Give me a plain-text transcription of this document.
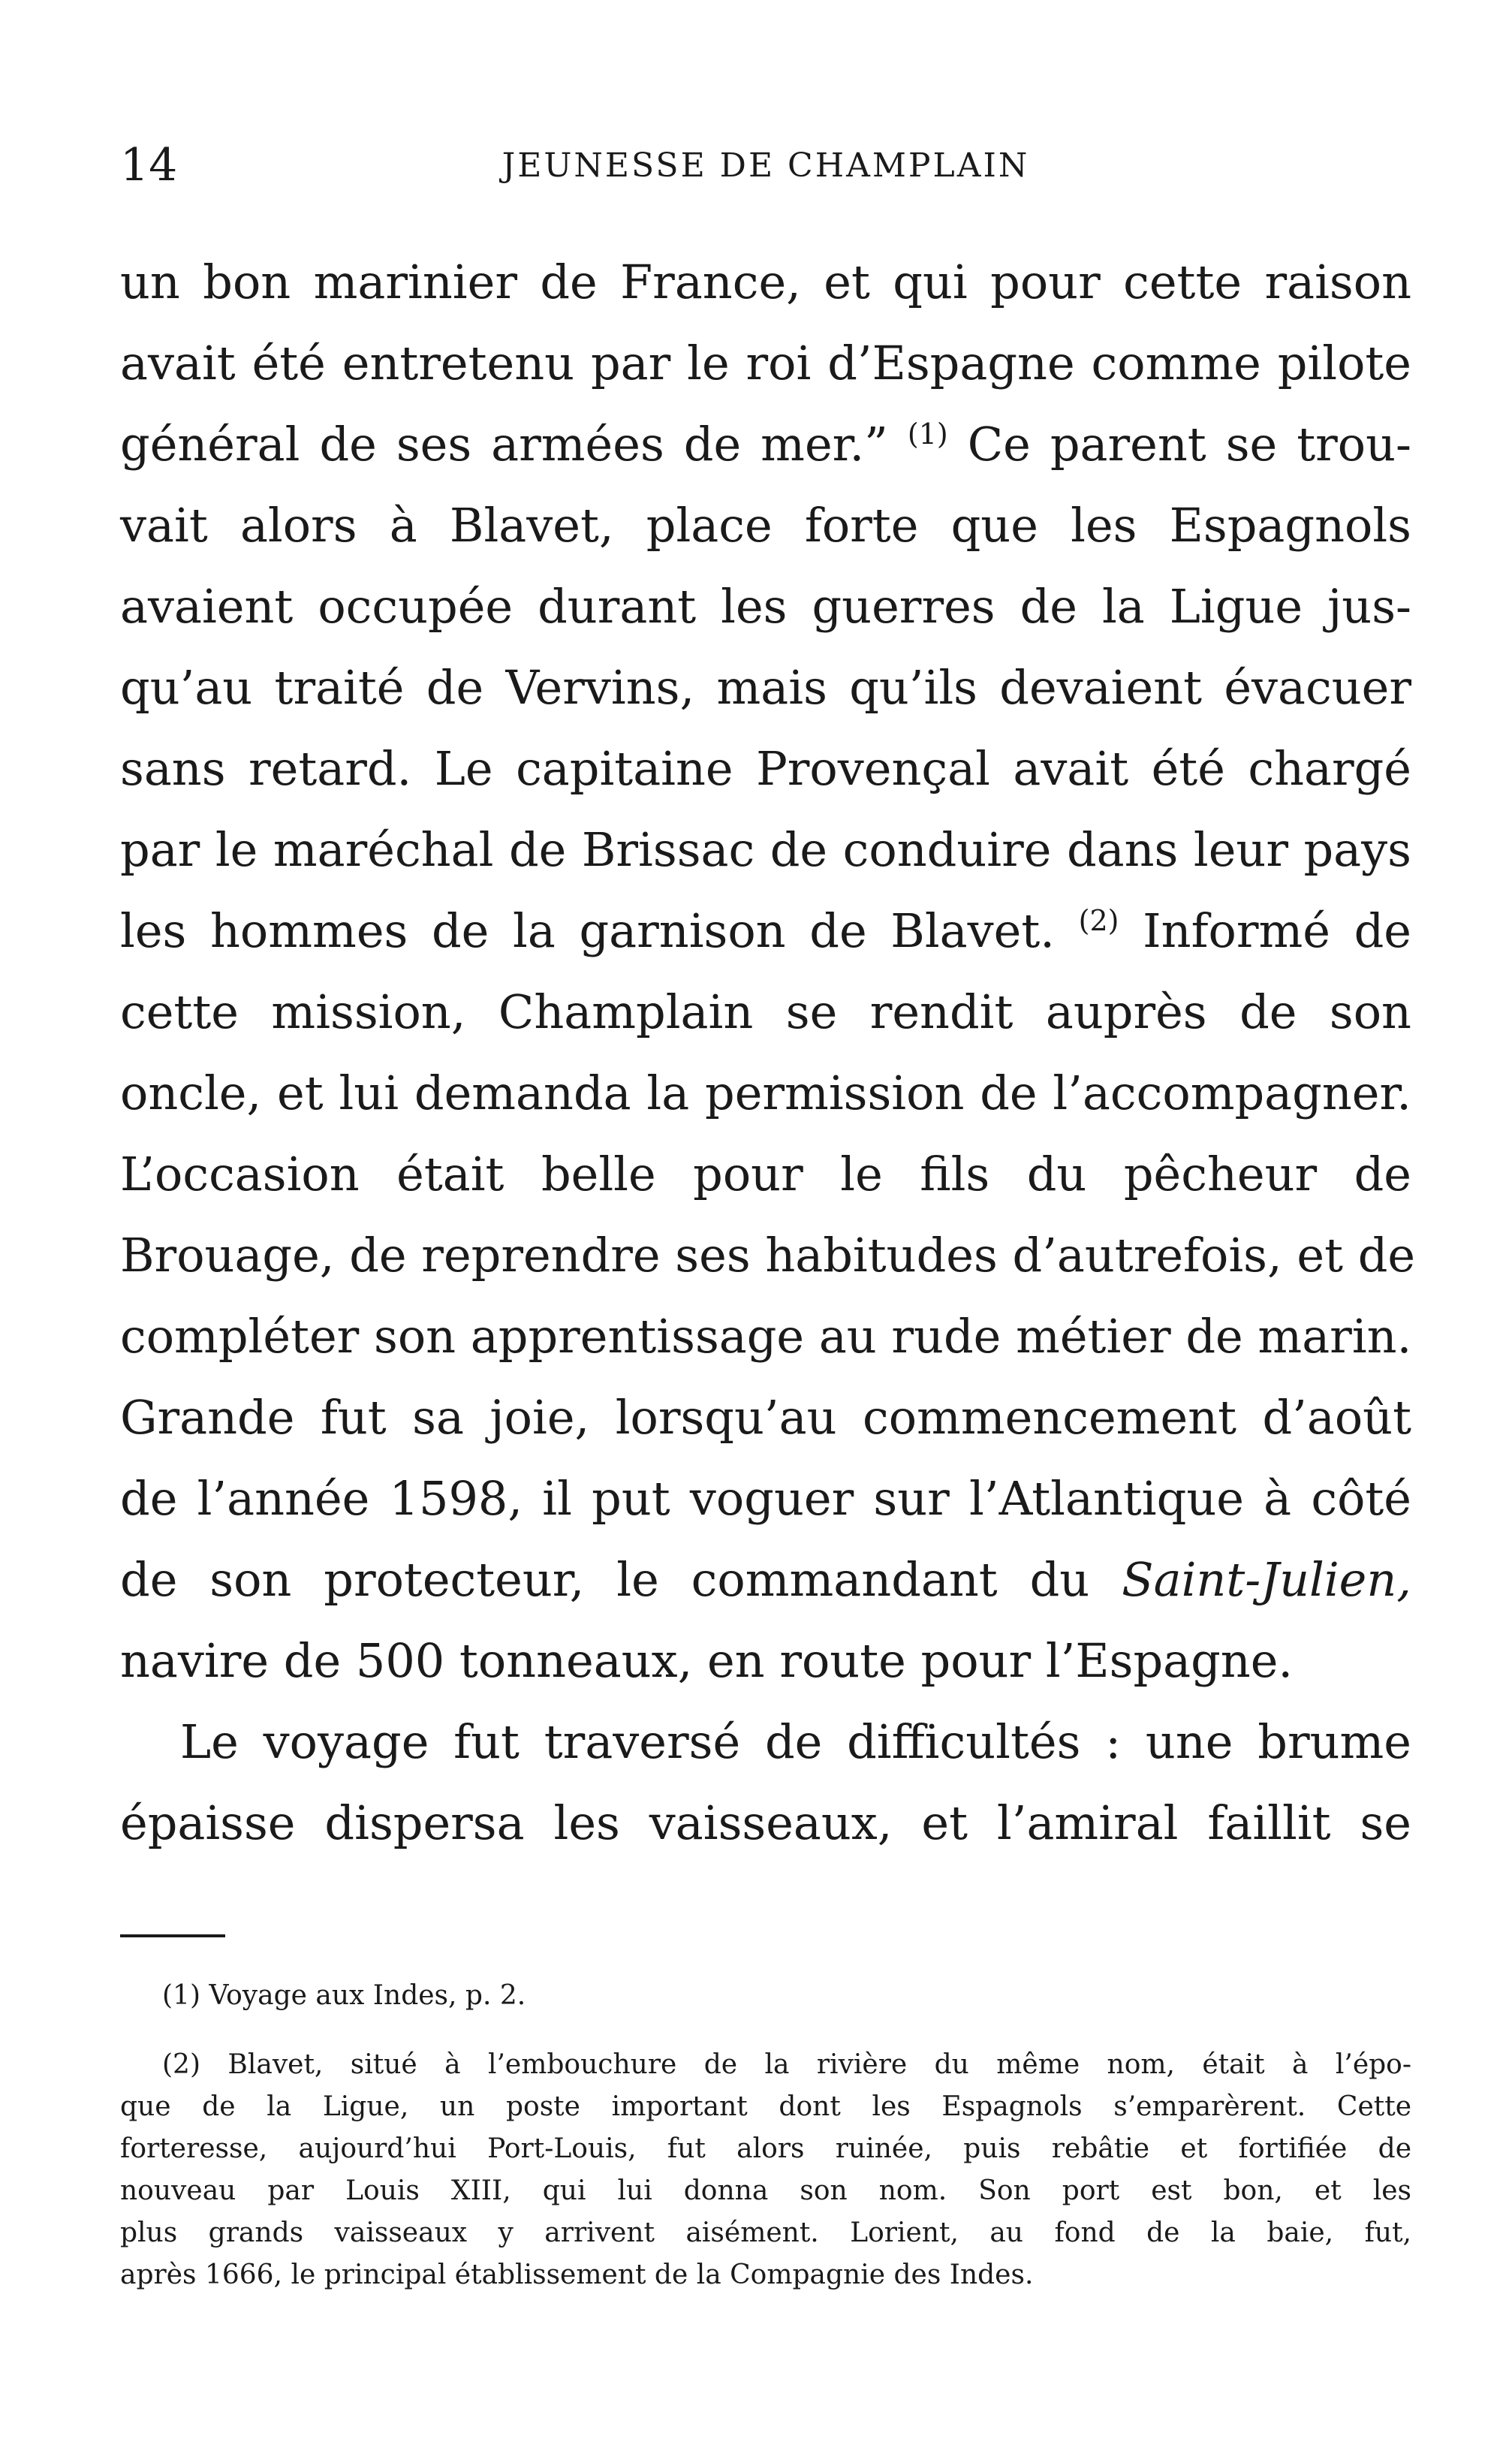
14	JEUNESSE DE CHAMPLAIN
un bon marinier de France, et qui pour cette raison
avait été entretenu par le roi d’Espagne comme pilote
général de ses armées de mer.” $^{(1)}$ Ce parent se trou-
vait alors à Blavet, place forte que les Espagnols
avaient occupée durant les guerres de la Ligue jus-
qu’au traité de Vervins, mais qu’ils devaient évacuer
sans retard. Le capitaine Provençal avait été chargé
par le maréchal de Brissac de conduire dans leur pays
les hommes de la garnison de Blavet. $^{(2)}$ Informé de
cette mission, Champlain se rendit auprès de son
oncle, et lui demanda la permission de l’accompagner.
L’occasion était belle pour le fils du pêcheur de
Brouage, de reprendre ses habitudes d’autrefois, et de
compléter son apprentissage au rude métier de marin.
Grande fut sa joie, lorsqu’au commencement d’août
de l’année 1598, il put voguer sur l’Atlantique à côté
de son protecteur, le commandant du Saint-Julien,
navire de 500 tonneaux, en route pour l’Espagne.
Le voyage fut traversé de difficultés : une brume
épaisse dispersa les vaisseaux, et l’amiral faillit se
(1) Voyage aux Indes, p. 2.
(2) Blavet, situé à l’embouchure de la rivière du même nom, était à l’épo-
que de la Ligue, un poste important dont les Espagnols s’emparèrent. Cette
forteresse, aujourd’hui Port-Louis, fut alors ruinée, puis rebâtie et fortifiée de
nouveau par Louis XIII, qui lui donna son nom. Son port est bon, et les
plus grands vaisseaux y arrivent aisément. Lorient, au fond de la baie, fut,
après 1666, le principal établissement de la Compagnie des Indes.
